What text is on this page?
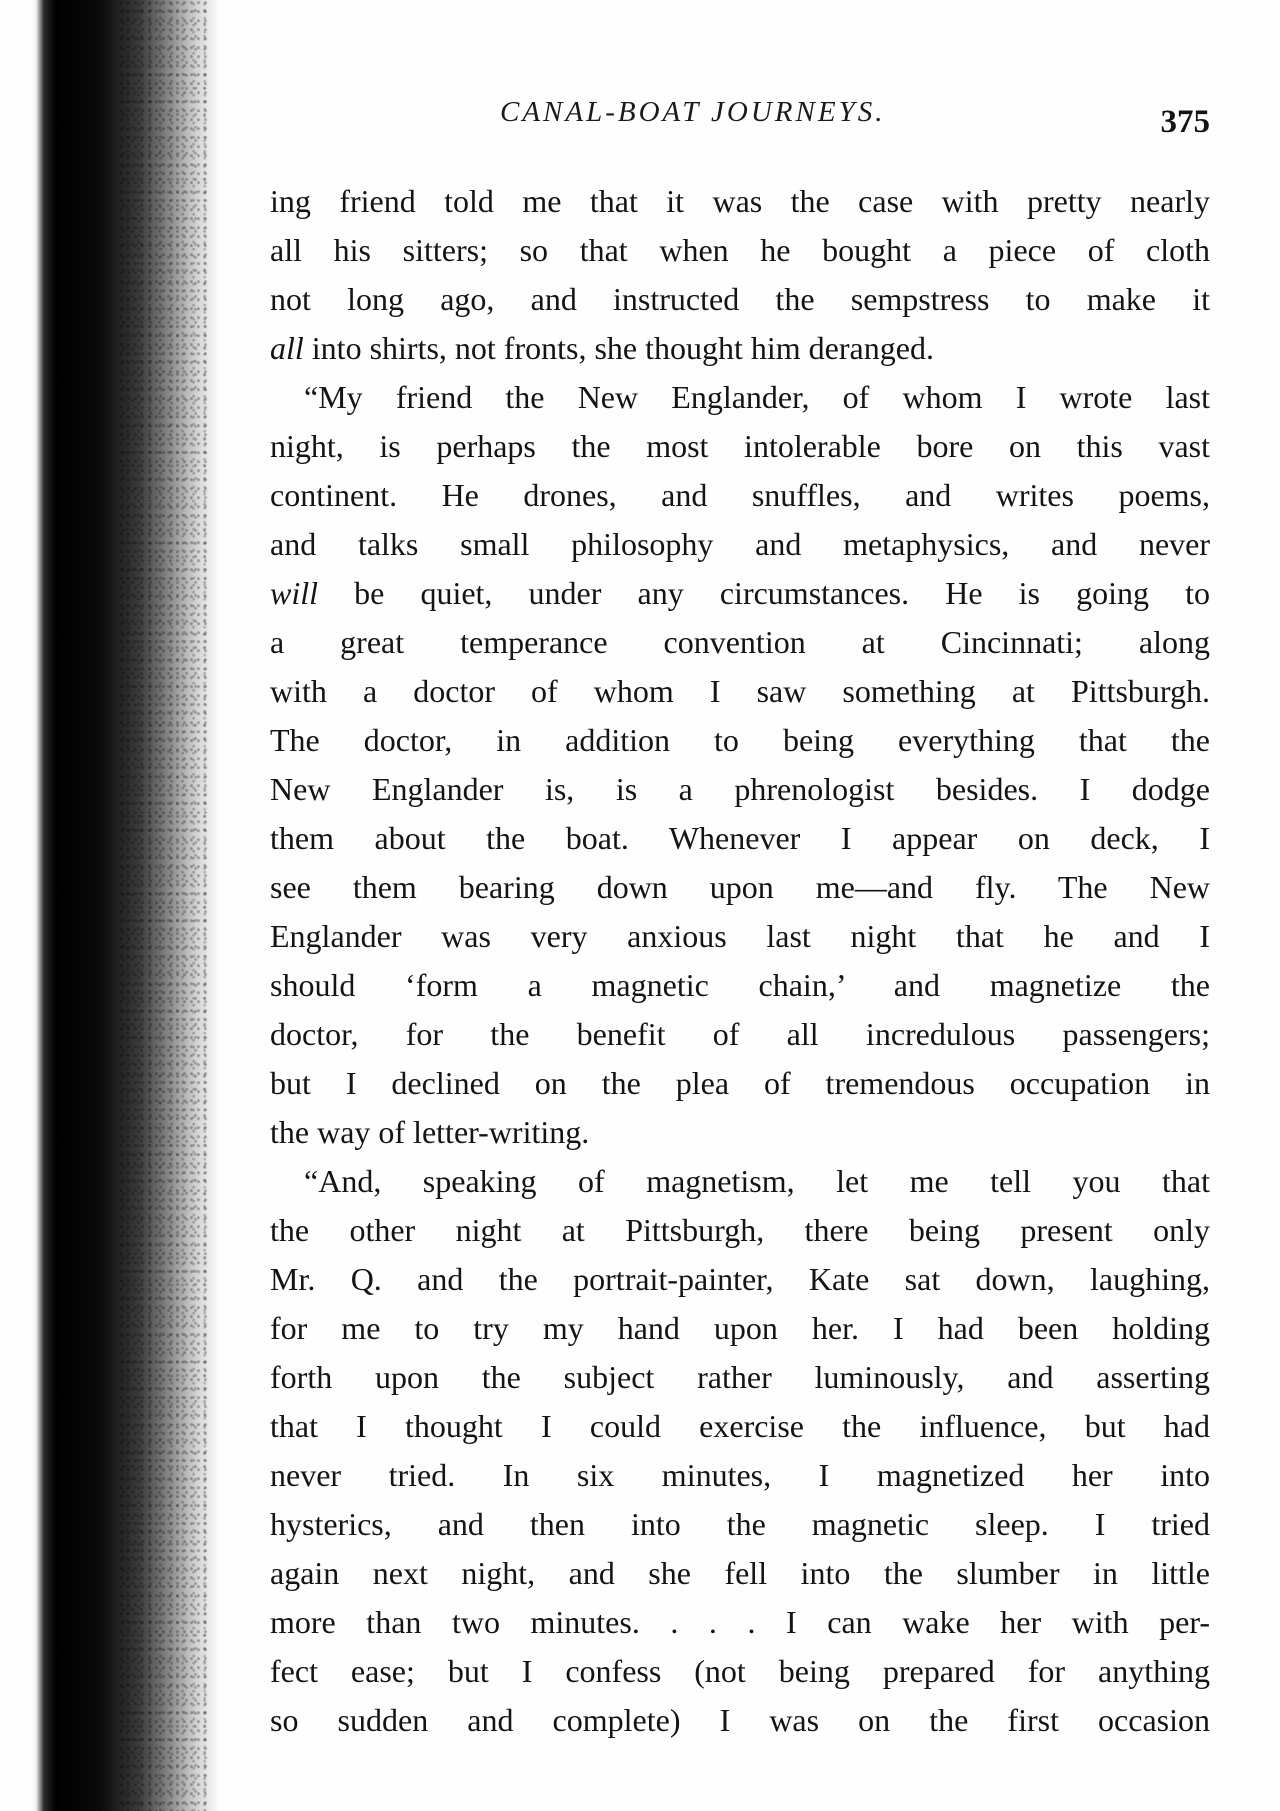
CANAL-BOAT JOURNEYS.	375
ing friend told me that it was the case with pretty nearly
all his sitters; so that when he bought a piece of cloth
not long ago, and instructed the sempstress to make it
all into shirts, not fronts, she thought him deranged.
“My friend the New Englander, of whom I wrote last
night, is perhaps the most intolerable bore on this vast
continent. He drones, and snuffles, and writes poems,
and talks small philosophy and metaphysics, and never
will be quiet, under any circumstances. He is going to
a great temperance convention at Cincinnati; along
with a doctor of whom I saw something at Pittsburgh.
The doctor, in addition to being everything that the
New Englander is, is a phrenologist besides. I dodge
them about the boat. Whenever I appear on deck, I
see them bearing down upon me—and fly. The New
Englander was very anxious last night that he and I
should ‘form a magnetic chain,’ and magnetize the
doctor, for the benefit of all incredulous passengers;
but I declined on the plea of tremendous occupation in
the way of letter-writing.
“And, speaking of magnetism, let me tell you that
the other night at Pittsburgh, there being present only
Mr. Q. and the portrait-painter, Kate sat down, laughing,
for me to try my hand upon her. I had been holding
forth upon the subject rather luminously, and asserting
that I thought I could exercise the influence, but had
never tried. In six minutes, I magnetized her into
hysterics, and then into the magnetic sleep. I tried
again next night, and she fell into the slumber in little
more than two minutes. . . . I can wake her with per-
fect ease; but I confess (not being prepared for anything
so sudden and complete) I was on the first occasion
